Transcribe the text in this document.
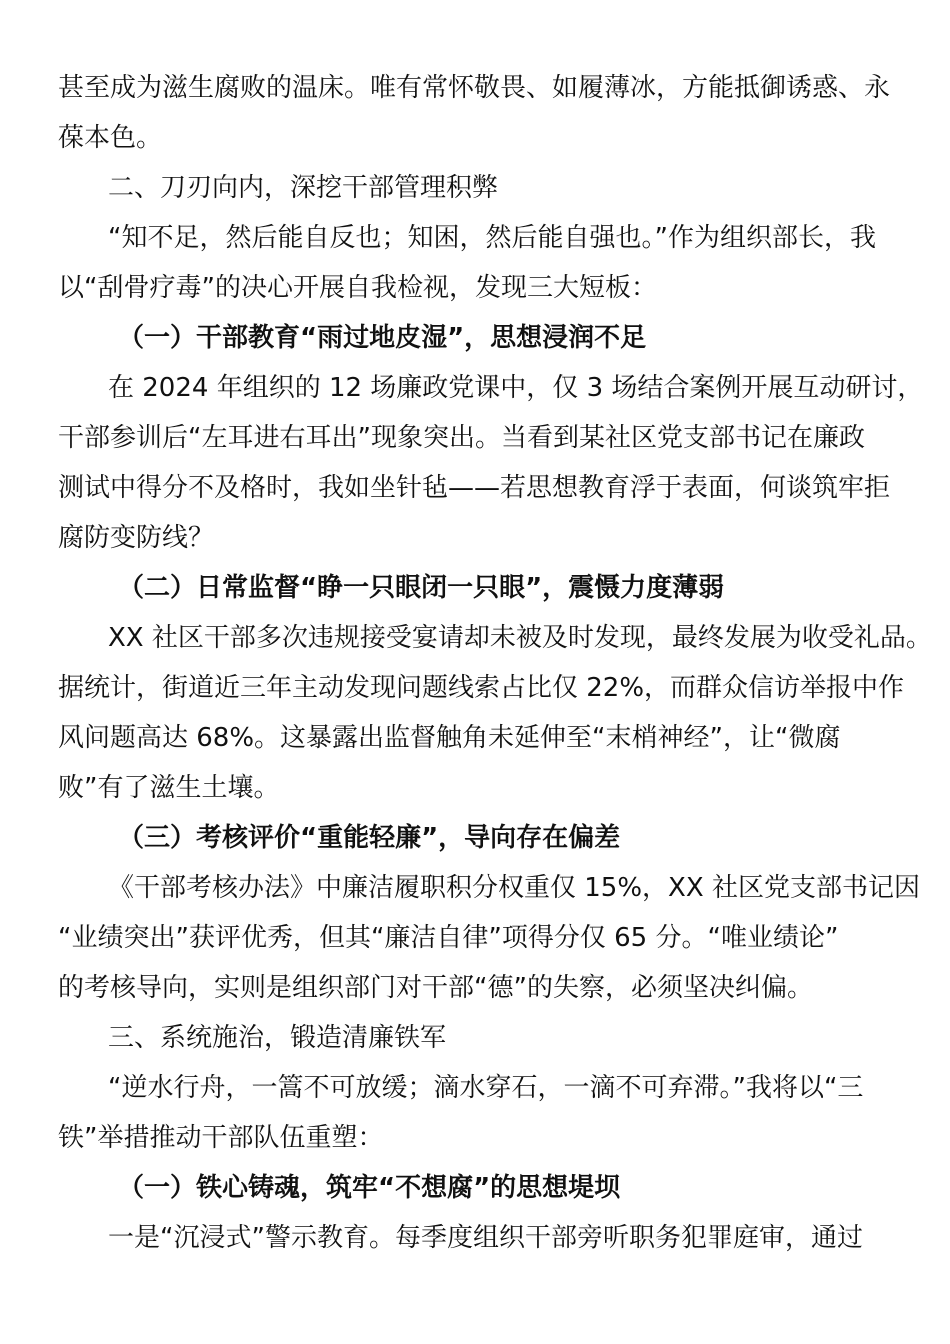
甚至成为滋生腐败的温床。唯有常怀敬畏、如履薄冰，方能抵御诱惑、永
葆本色。
二、刀刃向内，深挖干部管理积弊
“知不足，然后能自反也；知困，然后能自强也。”作为组织部长，我
以“刮骨疗毒”的决心开展自我检视，发现三大短板：
（一）干部教育“雨过地皮湿”，思想浸润不足
在 2024 年组织的 12 场廉政党课中，仅 3 场结合案例开展互动研讨，
干部参训后“左耳进右耳出”现象突出。当看到某社区党支部书记在廉政
测试中得分不及格时，我如坐针毡——若思想教育浮于表面，何谈筑牢拒
腐防变防线？
（二）日常监督“睁一只眼闭一只眼”，震慑力度薄弱
XX 社区干部多次违规接受宴请却未被及时发现，最终发展为收受礼品。
据统计，街道近三年主动发现问题线索占比仅 22%，而群众信访举报中作
风问题高达 68%。这暴露出监督触角未延伸至“末梢神经”，让“微腐
败”有了滋生土壤。
（三）考核评价“重能轻廉”，导向存在偏差
《干部考核办法》中廉洁履职积分权重仅 15%，XX 社区党支部书记因
“业绩突出”获评优秀，但其“廉洁自律”项得分仅 65 分。“唯业绩论”
的考核导向，实则是组织部门对干部“德”的失察，必须坚决纠偏。
三、系统施治，锻造清廉铁军
“逆水行舟，一篙不可放缓；滴水穿石，一滴不可弃滞。”我将以“三
铁”举措推动干部队伍重塑：
（一）铁心铸魂，筑牢“不想腐”的思想堤坝
一是“沉浸式”警示教育。每季度组织干部旁听职务犯罪庭审，通过
